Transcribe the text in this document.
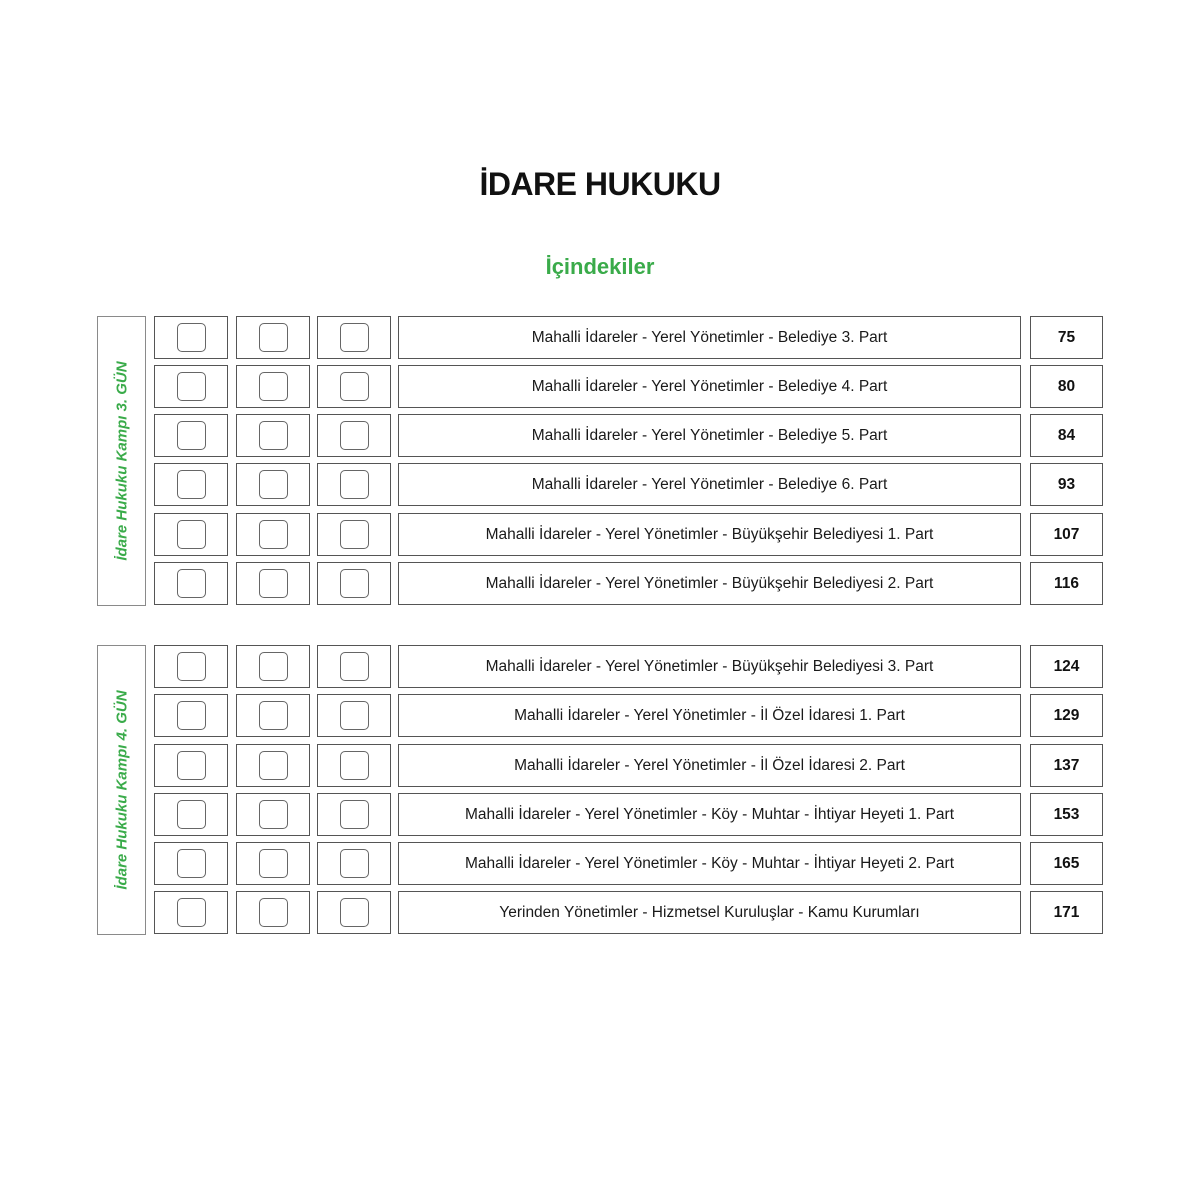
İDARE HUKUKU
İçindekiler
İdare Hukuku Kampı 3. GÜN
Mahalli İdareler - Yerel Yönetimler - Belediye 3. Part	75
Mahalli İdareler - Yerel Yönetimler - Belediye 4. Part	80
Mahalli İdareler - Yerel Yönetimler - Belediye 5. Part	84
Mahalli İdareler - Yerel Yönetimler - Belediye 6. Part	93
Mahalli İdareler - Yerel Yönetimler - Büyükşehir Belediyesi 1. Part	107
Mahalli İdareler - Yerel Yönetimler - Büyükşehir Belediyesi 2. Part	116
İdare Hukuku Kampı 4. GÜN
Mahalli İdareler - Yerel Yönetimler - Büyükşehir Belediyesi 3. Part	124
Mahalli İdareler - Yerel Yönetimler - İl Özel İdaresi 1. Part	129
Mahalli İdareler - Yerel Yönetimler - İl Özel İdaresi 2. Part	137
Mahalli İdareler - Yerel Yönetimler - Köy - Muhtar - İhtiyar Heyeti 1. Part	153
Mahalli İdareler - Yerel Yönetimler - Köy - Muhtar - İhtiyar Heyeti 2. Part	165
Yerinden Yönetimler - Hizmetsel Kuruluşlar - Kamu Kurumları	171
